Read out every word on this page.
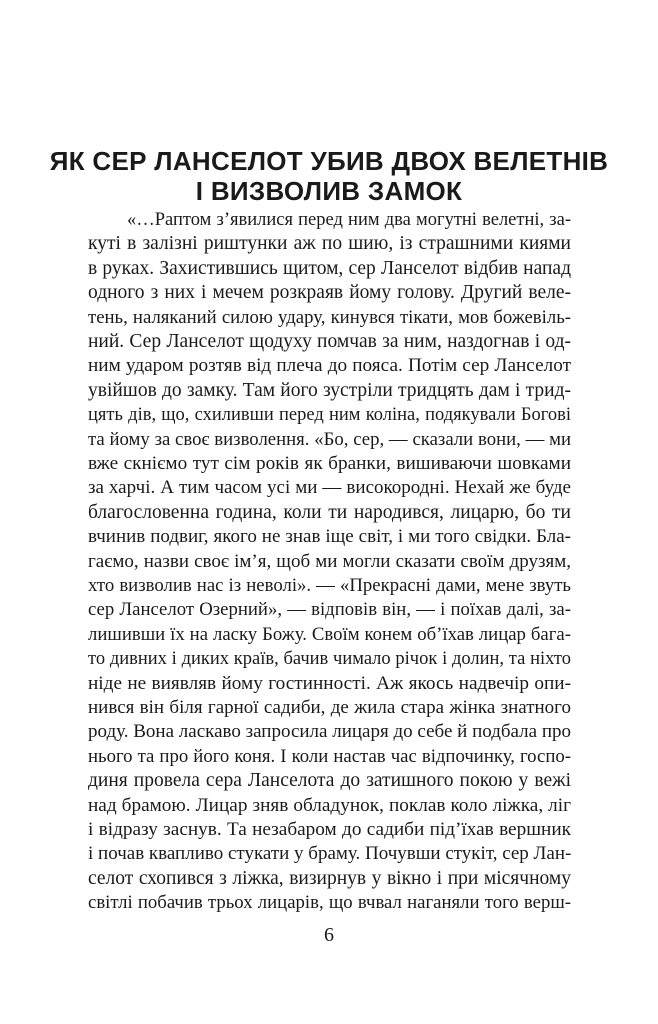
ЯК СЕР ЛАНСЕЛОТ УБИВ ДВОХ ВЕЛЕТНІВ
І ВИЗВОЛИВ ЗАМОК
«…Раптом з’явилися перед ним два могутні велетні, за-
куті в залізні риштунки аж по шию, із страшними киями
в руках. Захистившись щитом, сер Ланселот відбив напад
одного з них і мечем розкраяв йому голову. Другий веле-
тень, наляканий силою удару, кинувся тікати, мов божевіль-
ний. Сер Ланселот щодуху помчав за ним, наздогнав і од-
ним ударом розтяв від плеча до пояса. Потім сер Ланселот
увійшов до замку. Там його зустріли тридцять дам і трид-
цять дів, що, схиливши перед ним коліна, подякували Богові
та йому за своє визволення. «Бо, сер, — сказали вони, — ми
вже скніємо тут сім років як бранки, вишиваючи шовками
за харчі. А тим часом усі ми — високородні. Нехай же буде
благословенна година, коли ти народився, лицарю, бо ти
вчинив подвиг, якого не знав іще світ, і ми того свідки. Бла-
гаємо, назви своє ім’я, щоб ми могли сказати своїм друзям,
хто визволив нас із неволі». — «Прекрасні дами, мене звуть
сер Ланселот Озерний», — відповів він, — і поїхав далі, за-
лишивши їх на ласку Божу. Своїм конем об’їхав лицар бага-
то дивних і диких країв, бачив чимало річок і долин, та ніхто
ніде не виявляв йому гостинності. Аж якось надвечір опи-
нився він біля гарної садиби, де жила стара жінка знатного
роду. Вона ласкаво запросила лицаря до себе й подбала про
нього та про його коня. І коли настав час відпочинку, госпо-
диня провела сера Ланселота до затишного покою у вежі
над брамою. Лицар зняв обладунок, поклав коло ліжка, ліг
і відразу заснув. Та незабаром до садиби під’їхав вершник
і почав квапливо стукати у браму. Почувши стукіт, сер Лан-
селот схопився з ліжка, визирнув у вікно і при місячному
світлі побачив трьох лицарів, що вчвал наганяли того верш-
6
